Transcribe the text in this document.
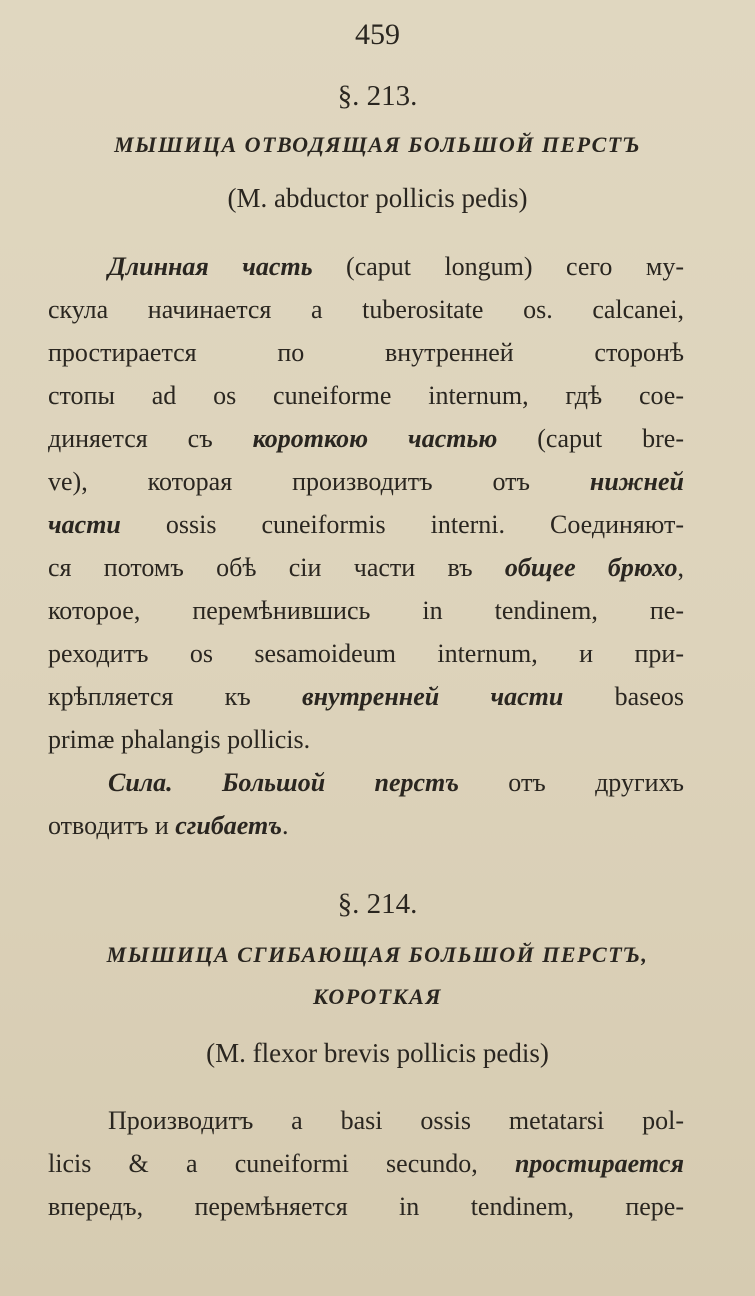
459
§. 213.
МЫШИЦА ОТВОДЯЩАЯ БОЛЬШОЙ ПЕРСТЪ
(M. abductor pollicis pedis)

Длинная часть (caput longum) сего му-

скула начинается a tuberositate os. calcanei,

простирается по внутренней сторонѣ

стопы ad os cuneiforme internum, гдѣ сое-

диняется съ короткою частью (caput bre-

ve), которая производитъ отъ нижней

части ossis cuneiformis interni. Соединяют-

ся потомъ обѣ сіи части въ общее брюхо,

которое, перемѣнившись in tendinem, пе-

реходитъ os sesamoideum internum, и при-

крѣпляется къ внутренней части baseos

primæ phalangis pollicis.

Сила. Большой перстъ отъ другихъ

отводитъ и сгибаетъ.

§. 214.
МЫШИЦА СГИБАЮЩАЯ БОЛЬШОЙ ПЕРСТЪ,
КОРОТКАЯ
(M. flexor brevis pollicis pedis)

Производитъ a basi ossis metatarsi pol-

licis & a cuneiformi secundo, простирается

впередъ, перемѣняется in tendinem, пере-
